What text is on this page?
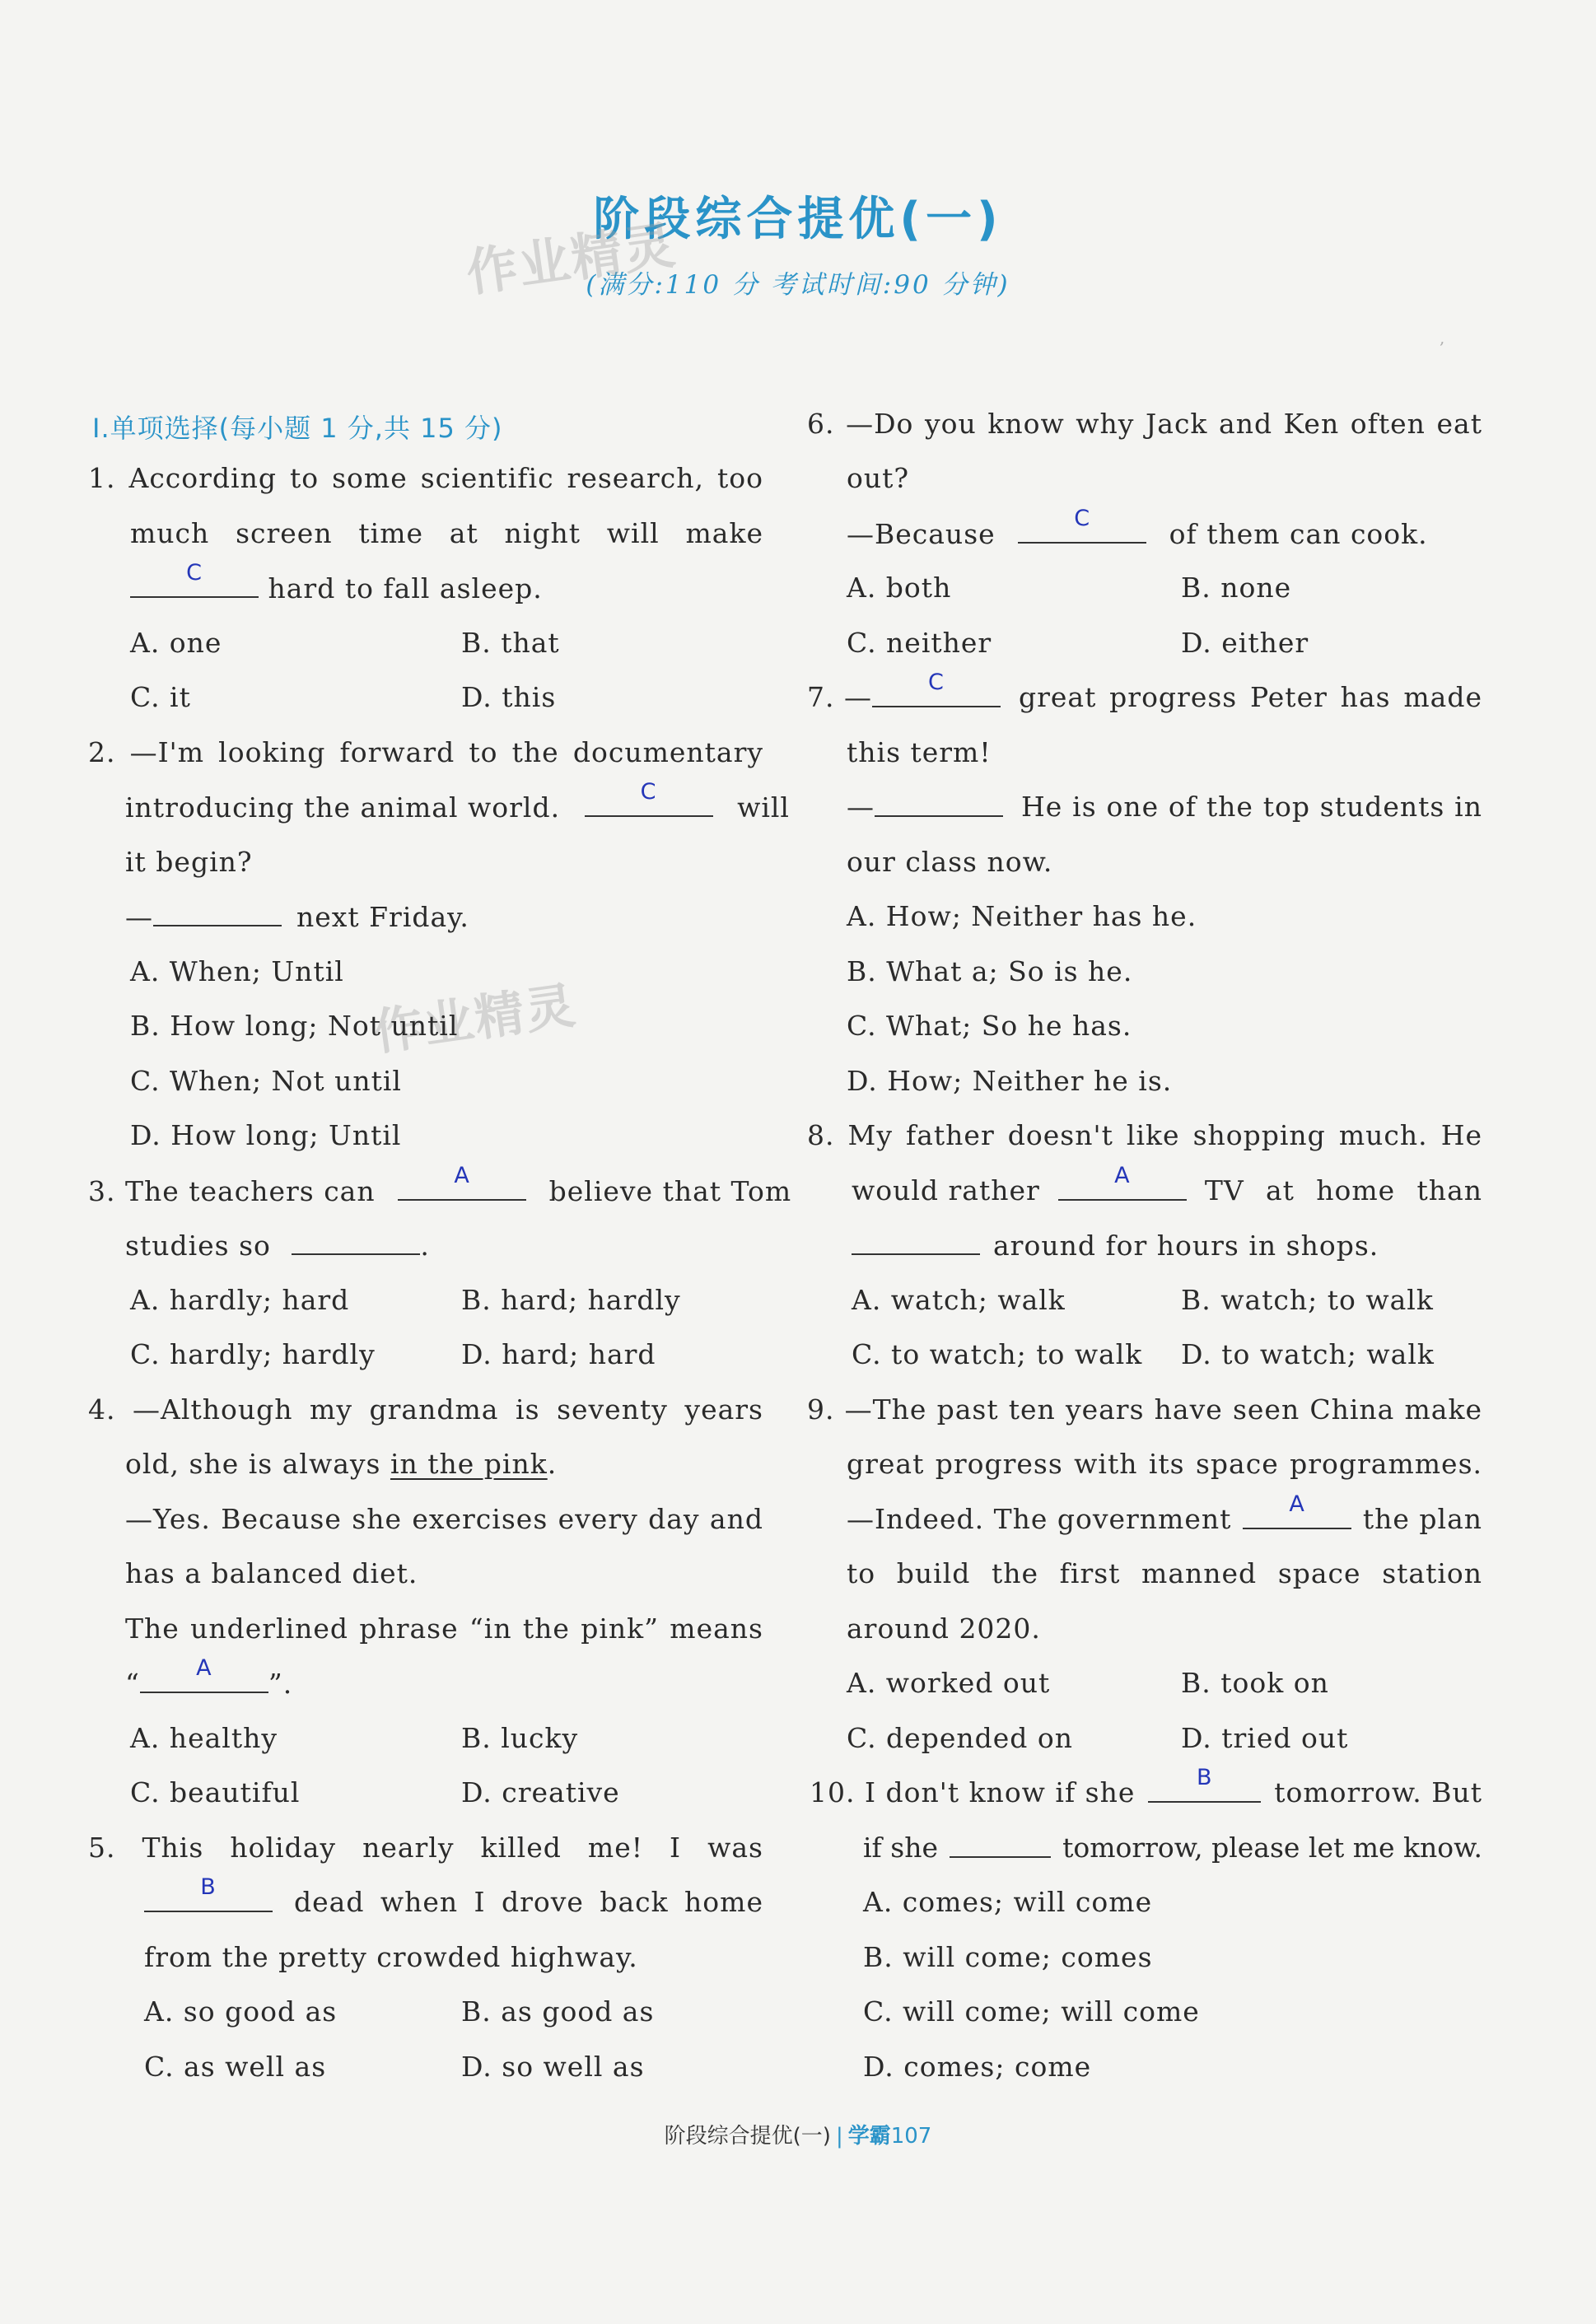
阶段综合提优(一)
(满分:110 分 考试时间:90 分钟)
作业精灵
作业精灵
,
Ⅰ.单项选择(每小题 1 分,共 15 分)
1. According to some scientific research, too
much screen time at night will make
C	hard to fall asleep.
A. one	B. that
C. it	D. this
2. —I'm looking forward to the documentary
introducing the animal world.	C	will
it begin?
—	next Friday.
A. When; Until
B. How long; Not until
C. When; Not until
D. How long; Until
3. The teachers can	A	believe that Tom
studies so	.
A. hardly; hard	B. hard; hardly
C. hardly; hardly	D. hard; hard
4. —Although my grandma is seventy years
old, she is always in the pink.
—Yes. Because she exercises every day and
has a balanced diet.
The underlined phrase “in the pink” means
“	A	”.
A. healthy	B. lucky
C. beautiful	D. creative
5. This holiday nearly killed me! I was
B	dead when I drove back home
from the pretty crowded highway.
A. so good as	B. as good as
C. as well as	D. so well as
6. —Do you know why Jack and Ken often eat
out?
—Because	C	of them can cook.
A. both	B. none
C. neither	D. either
7. —	C	great progress Peter has made
this term!
—	He is one of the top students in
our class now.
A. How; Neither has he.
B. What a; So is he.
C. What; So he has.
D. How; Neither he is.
8. My father doesn't like shopping much. He
would rather	A	TV at home than
around for hours in shops.
A. watch; walk	B. watch; to walk
C. to watch; to walk D. to watch; walk
9. —The past ten years have seen China make
great progress with its space programmes.
—Indeed. The government	A	the plan
to build the first manned space station
around 2020.
A. worked out	B. took on
C. depended on	D. tried out
10. I don't know if she	B	tomorrow. But
if she	tomorrow, please let me know.
A. comes; will come
B. will come; comes
C. will come; will come
D. comes; come
阶段综合提优(一) | 学霸107
